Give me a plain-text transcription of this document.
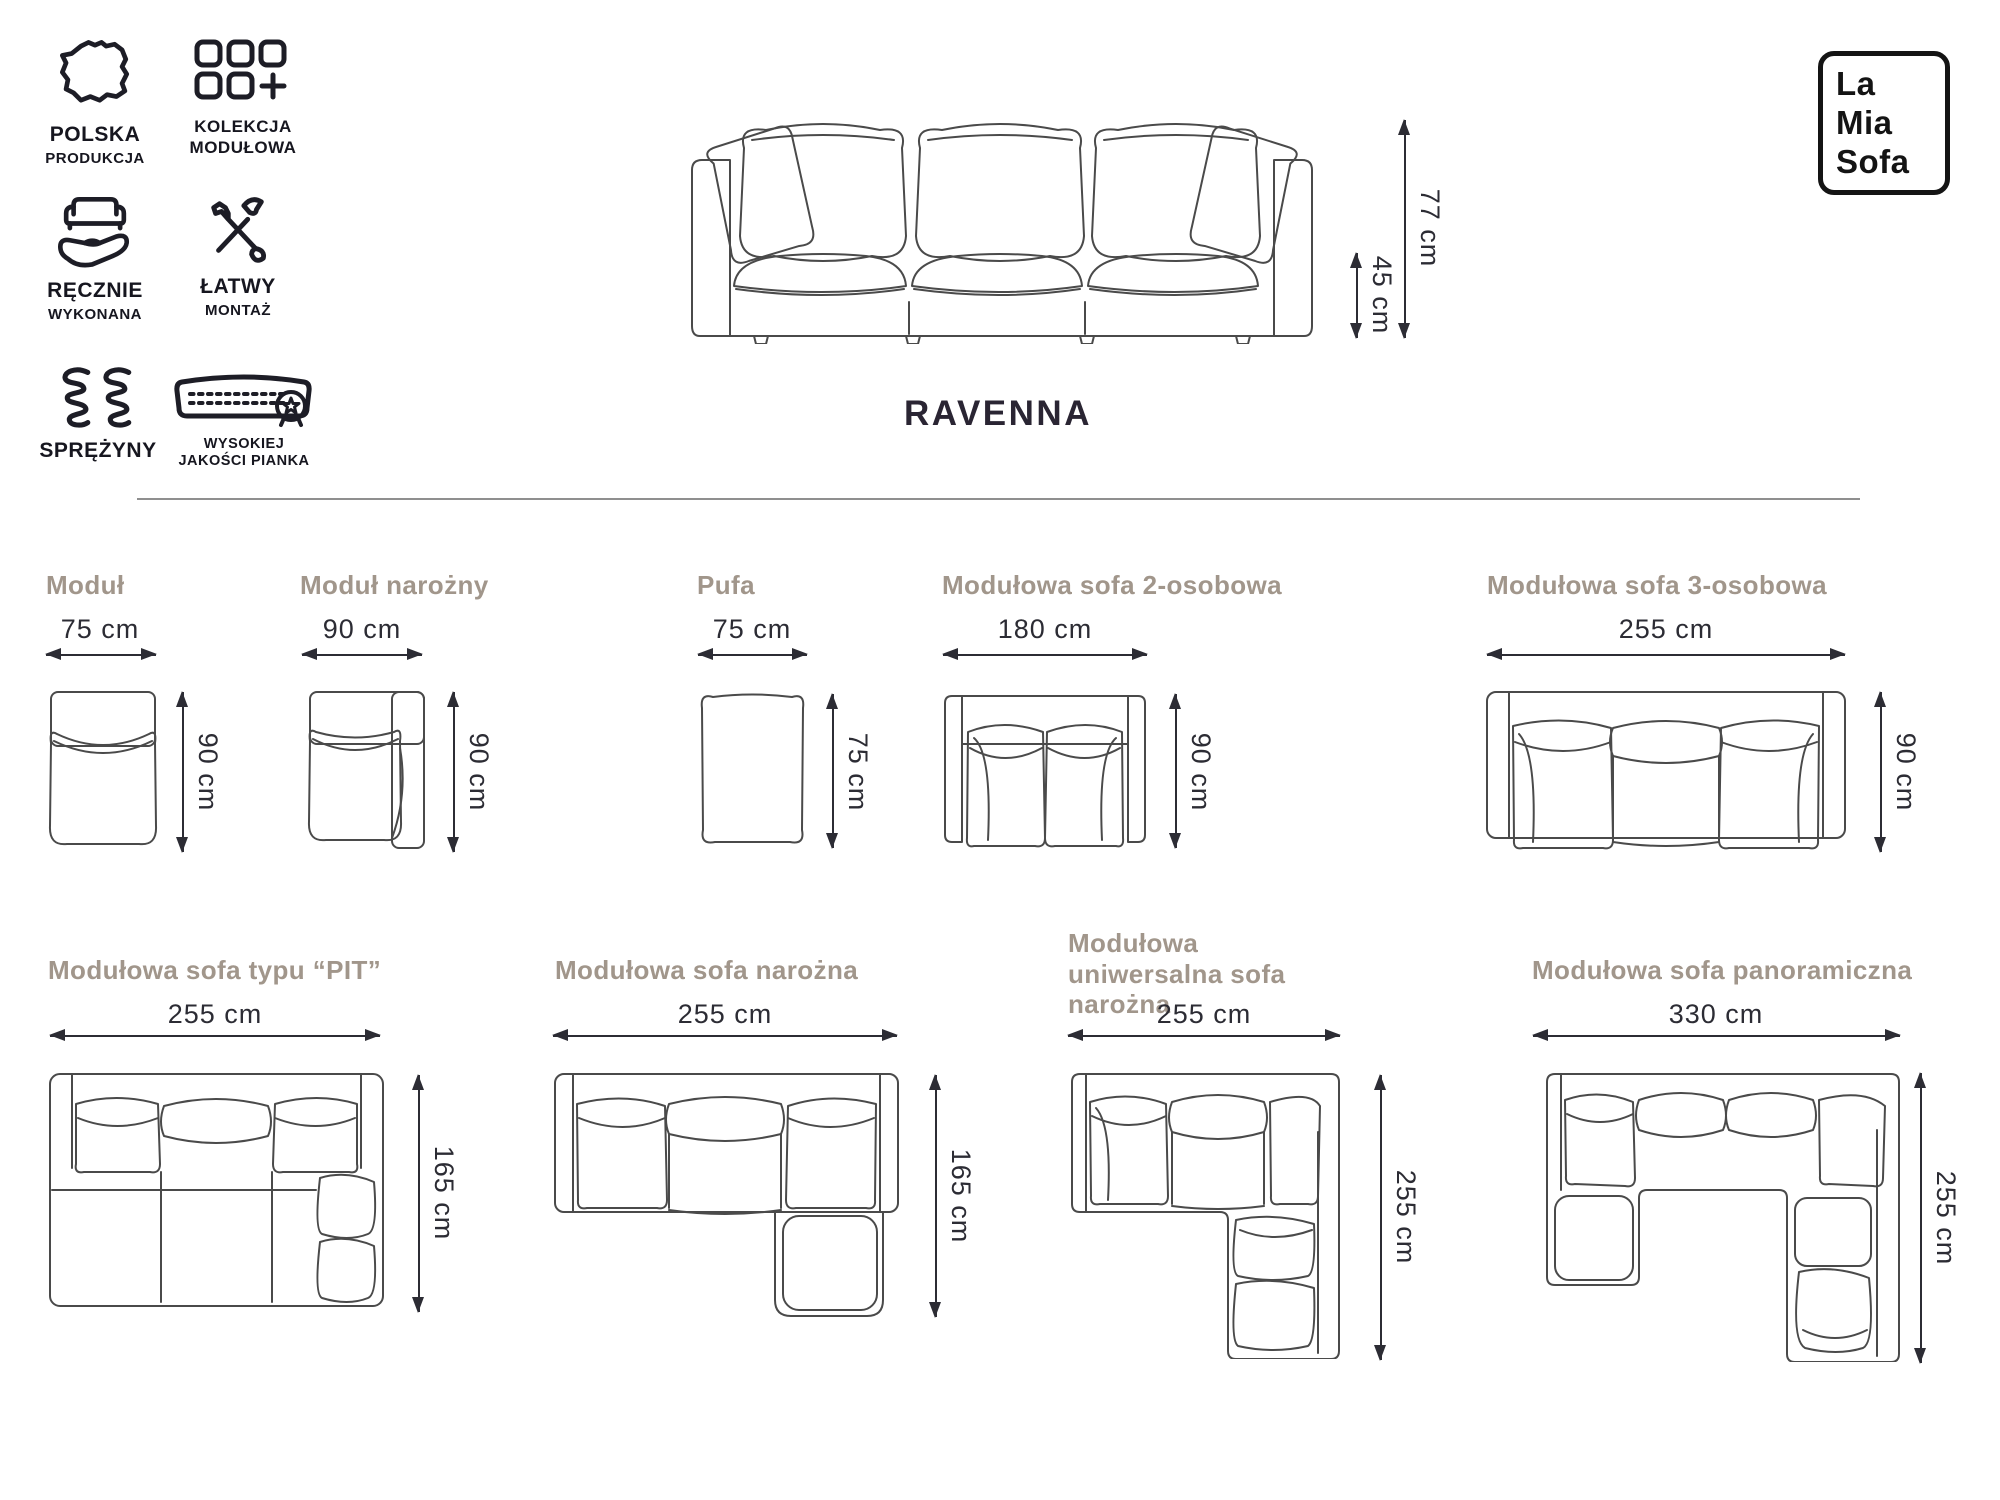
POLSKA
PRODUKCJA
KOLEKCJA
MODUŁOWA
RĘCZNIE
WYKONANA
ŁATWY
MONTAŻ
SPRĘŻYNY	WYSOKIEJ
JAKOŚCI PIANKA
45 cm
77 cm
RAVENNA
La
Mia
Sofa
Moduł
75 cm
90 cm
Moduł narożny
90 cm
90 cm
Pufa
75 cm
75 cm
Modułowa sofa 2-osobowa
180 cm
90 cm
Modułowa sofa 3-osobowa
255 cm
90 cm
Modułowa sofa typu “PIT”
255 cm
165 cm
Modułowa sofa narożna
255 cm
165 cm
Modułowa uniwersalna sofa narożna
255 cm
255 cm
Modułowa sofa panoramiczna
330 cm
255 cm
